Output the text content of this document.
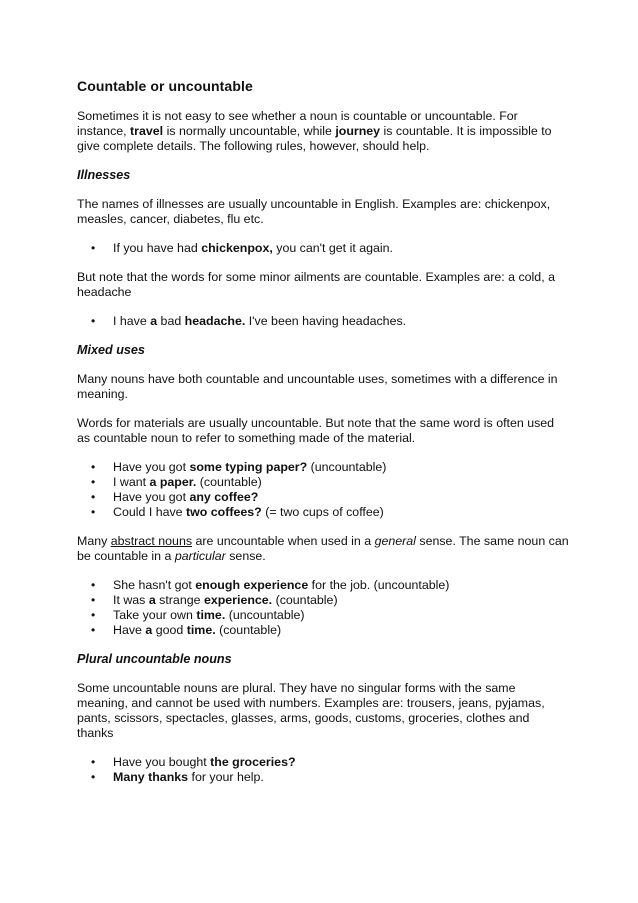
Countable or uncountable

Sometimes it is not easy to see whether a noun is countable or uncountable. For instance, travel is normally uncountable, while journey is countable. It is impossible to give complete details. The following rules, however, should help.

Illnesses

The names of illnesses are usually uncountable in English. Examples are: chickenpox, measles, cancer, diabetes, flu etc.

• If you have had chickenpox, you can't get it again.

But note that the words for some minor ailments are countable. Examples are: a cold, a headache

• I have a bad headache. I've been having headaches.
Mixed uses

Many nouns have both countable and uncountable uses, sometimes with a difference in meaning.

Words for materials are usually uncountable. But note that the same word is often used as countable noun to refer to something made of the material.

• Have you got some typing paper? (uncountable)
• I want a paper. (countable)
• Have you got any coffee?
• Could I have two coffees? (= two cups of coffee)

Many abstract nouns are uncountable when used in a general sense. The same noun can be countable in a particular sense.

• She hasn't got enough experience for the job. (uncountable)
• It was a strange experience. (countable)
• Take your own time. (uncountable)
• Have a good time. (countable)
Plural uncountable nouns

Some uncountable nouns are plural. They have no singular forms with the same meaning, and cannot be used with numbers. Examples are: trousers, jeans, pyjamas, pants, scissors, spectacles, glasses, arms, goods, customs, groceries, clothes and thanks

• Have you bought the groceries?
• Many thanks for your help.
